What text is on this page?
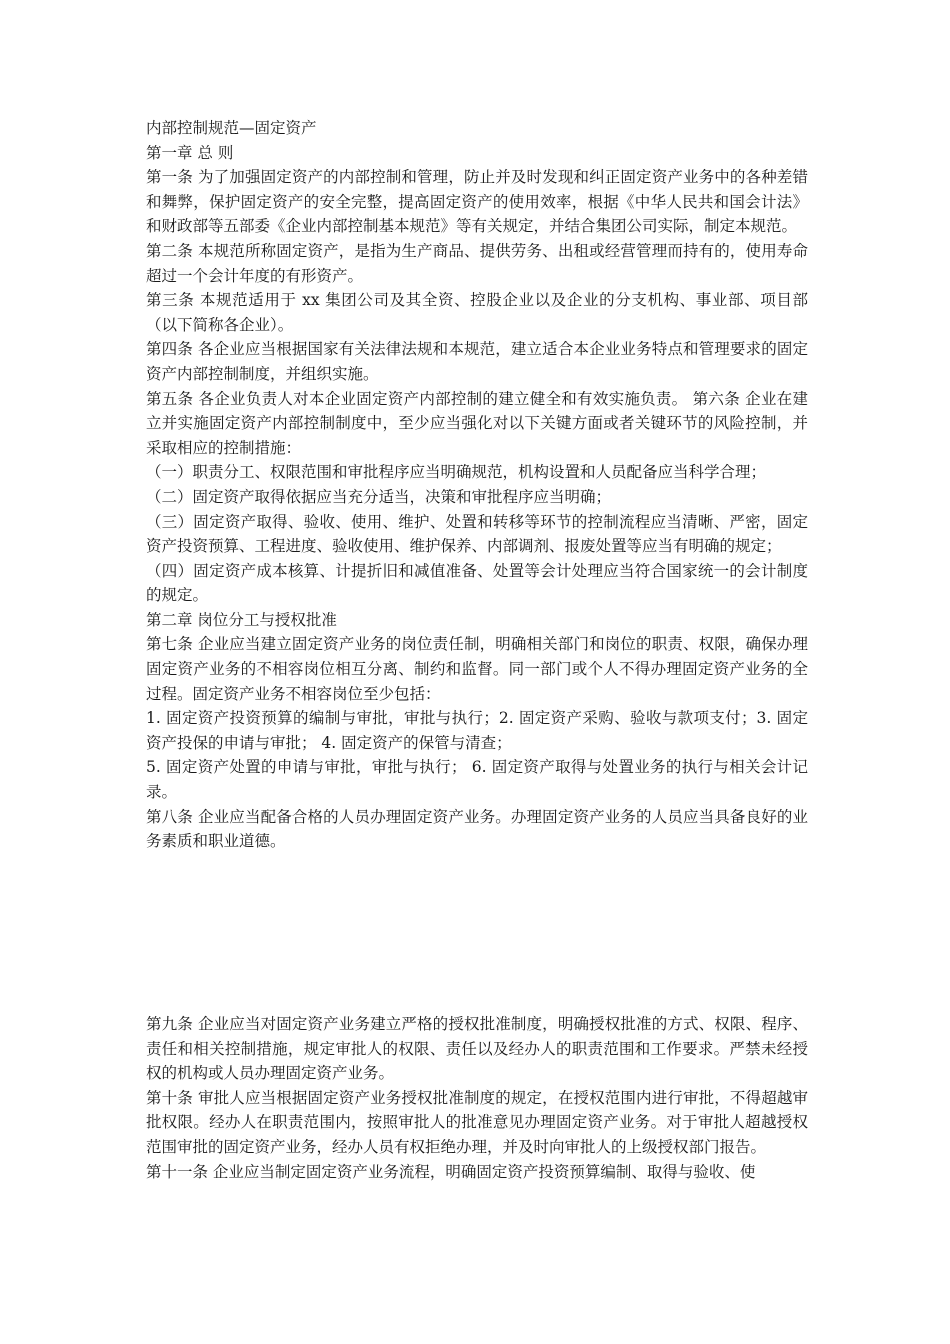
内部控制规范—固定资产

第一章 总 则

第一条 为了加强固定资产的内部控制和管理，防止并及时发现和纠正固定资产业务中的各种差错和舞弊，保护固定资产的安全完整，提高固定资产的使用效率，根据《中华人民共和国会计法》和财政部等五部委《企业内部控制基本规范》等有关规定，并结合集团公司实际，制定本规范。

第二条 本规范所称固定资产，是指为生产商品、提供劳务、出租或经营管理而持有的，使用寿命超过一个会计年度的有形资产。

第三条 本规范适用于 xx 集团公司及其全资、控股企业以及企业的分支机构、事业部、项目部（以下简称各企业）。

第四条 各企业应当根据国家有关法律法规和本规范，建立适合本企业业务特点和管理要求的固定资产内部控制制度，并组织实施。

第五条 各企业负责人对本企业固定资产内部控制的建立健全和有效实施负责。 第六条 企业在建立并实施固定资产内部控制制度中，至少应当强化对以下关键方面或者关键环节的风险控制，并采取相应的控制措施：

（一）职责分工、权限范围和审批程序应当明确规范，机构设置和人员配备应当科学合理；

（二）固定资产取得依据应当充分适当，决策和审批程序应当明确；

（三）固定资产取得、验收、使用、维护、处置和转移等环节的控制流程应当清晰、严密，固定资产投资预算、工程进度、验收使用、维护保养、内部调剂、报废处置等应当有明确的规定；

（四）固定资产成本核算、计提折旧和减值准备、处置等会计处理应当符合国家统一的会计制度的规定。

第二章 岗位分工与授权批准

第七条 企业应当建立固定资产业务的岗位责任制，明确相关部门和岗位的职责、权限，确保办理固定资产业务的不相容岗位相互分离、制约和监督。同一部门或个人不得办理固定资产业务的全过程。固定资产业务不相容岗位至少包括：

1. 固定资产投资预算的编制与审批，审批与执行；2. 固定资产采购、验收与款项支付；3. 固定资产投保的申请与审批； 4. 固定资产的保管与清查；

5. 固定资产处置的申请与审批，审批与执行； 6. 固定资产取得与处置业务的执行与相关会计记录。

第八条 企业应当配备合格的人员办理固定资产业务。办理固定资产业务的人员应当具备良好的业务素质和职业道德。

第九条 企业应当对固定资产业务建立严格的授权批准制度，明确授权批准的方式、权限、程序、责任和相关控制措施，规定审批人的权限、责任以及经办人的职责范围和工作要求。严禁未经授权的机构或人员办理固定资产业务。

第十条 审批人应当根据固定资产业务授权批准制度的规定，在授权范围内进行审批，不得超越审批权限。经办人在职责范围内，按照审批人的批准意见办理固定资产业务。对于审批人超越授权范围审批的固定资产业务，经办人员有权拒绝办理，并及时向审批人的上级授权部门报告。

第十一条 企业应当制定固定资产业务流程，明确固定资产投资预算编制、取得与验收、使
